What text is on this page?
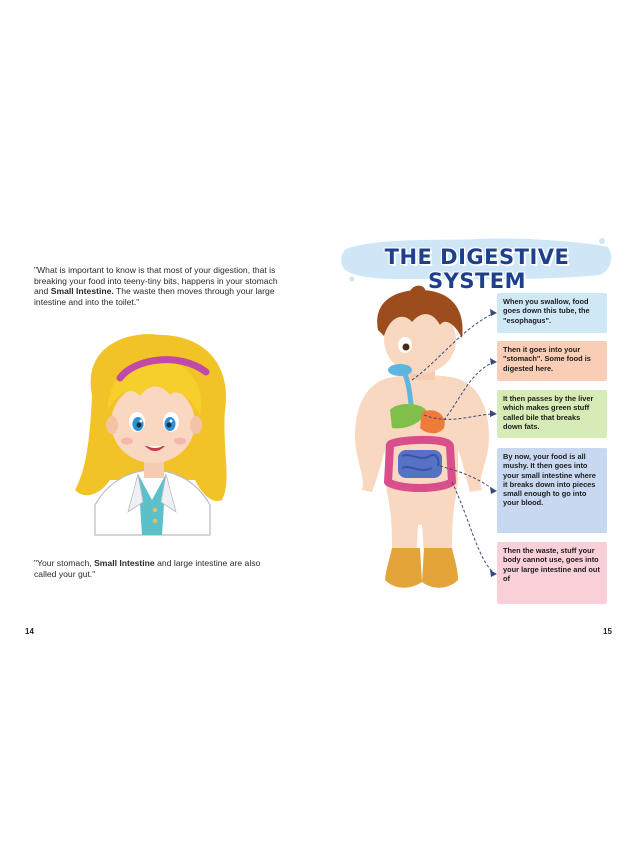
"What is important to know is that most of your digestion, that is breaking your food into teeny-tiny bits, happens in your stomach and Small Intestine. The waste then moves through your large intestine and into the toilet."
"Your stomach, Small Intestine and large intestine are also called your gut."
14
THE DIGESTIVE SYSTEM
When you swallow, food goes down this tube, the "esophagus".
Then it goes into your "stomach". Some food is digested here.
It then passes by the liver which makes green stuff called bile that breaks down fats.
By now, your food is all mushy. It then goes into your small intestine where it breaks down into pieces small enough to go into your blood.
Then the waste, stuff your body cannot use, goes into your large intestine and out of
15
